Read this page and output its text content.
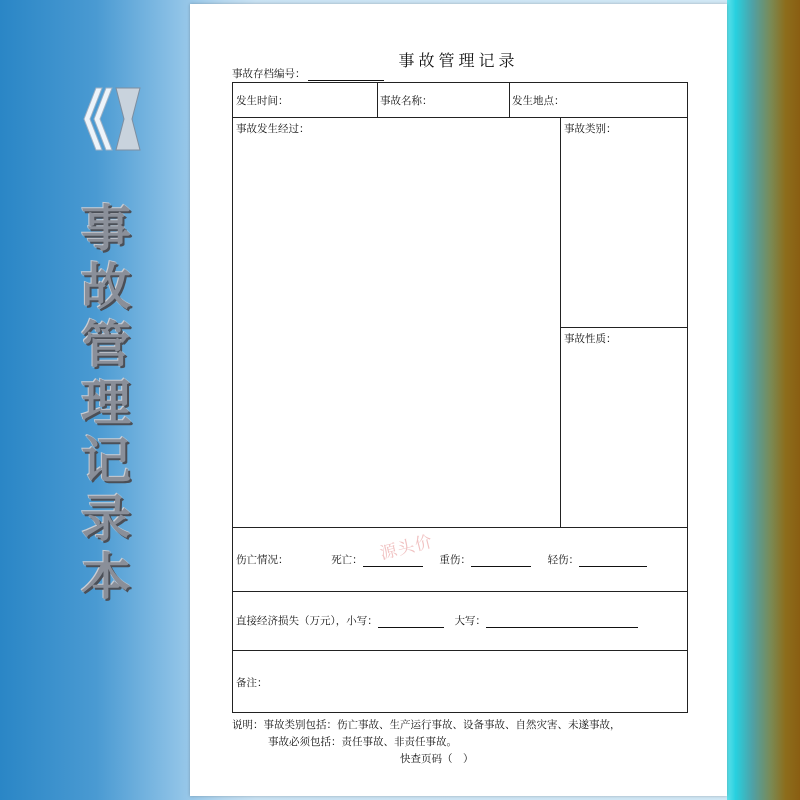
事
故
管
理
记
录
本
事故管理记录
事故存档编号：
发生时间：	事故名称：	发生地点：
事故发生经过：	事故类别：
事故性质：
伤亡情况：	死亡：	重伤：	轻伤：
直接经济损失（万元），小写：	大写：
备注：
说明：事故类别包括：伤亡事故、生产运行事故、设备事故、自然灾害、未遂事故，
事故必须包括：责任事故、非责任事故。
快查页码（　）
源头价
